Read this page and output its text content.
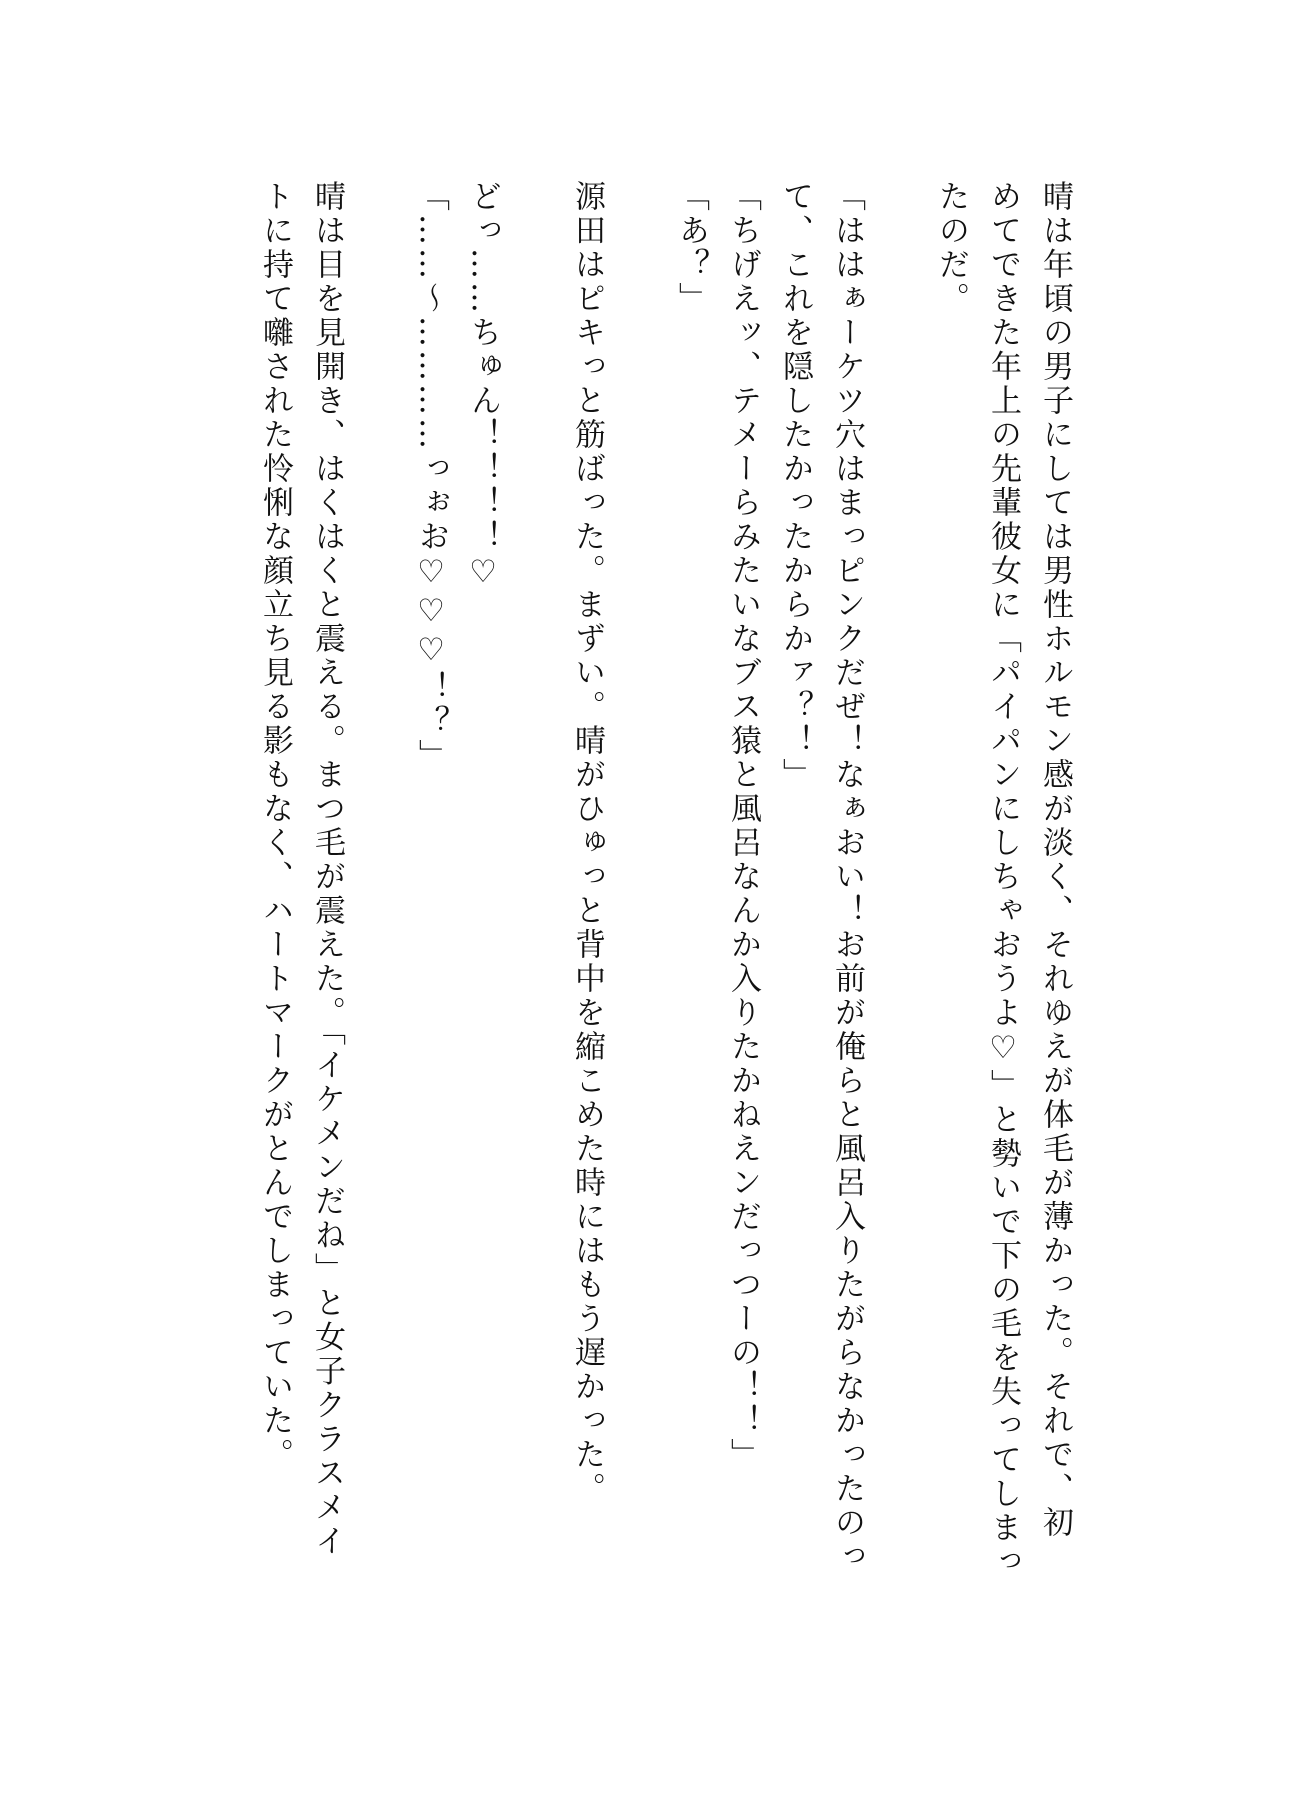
晴は年頃の男子にしては男性ホルモン感が淡く、それゆえが体毛が薄かった。それで、初
めてできた年上の先輩彼女に「パイパンにしちゃおうよ♡」と勢いで下の毛を失ってしまっ
たのだ。
「ははぁーケツ穴はまっピンクだぜ！なぁおい！お前が俺らと風呂入りたがらなかったのっ
て、これを隠したかったからかァ？！」
「ちげえッ、テメーらみたいなブス猿と風呂なんか入りたかねえンだっつーの！！」
「あ？」
源田はピキっと筋ばった。まずい。晴がひゅっと背中を縮こめた時にはもう遅かった。
どっ……ちゅん！！！！♡
「……〜…………っぉお♡♡♡！？」
晴は目を見開き、はくはくと震える。まつ毛が震えた。「イケメンだね」と女子クラスメイ
トに持て囃された怜悧な顔立ち見る影もなく、ハートマークがとんでしまっていた。
